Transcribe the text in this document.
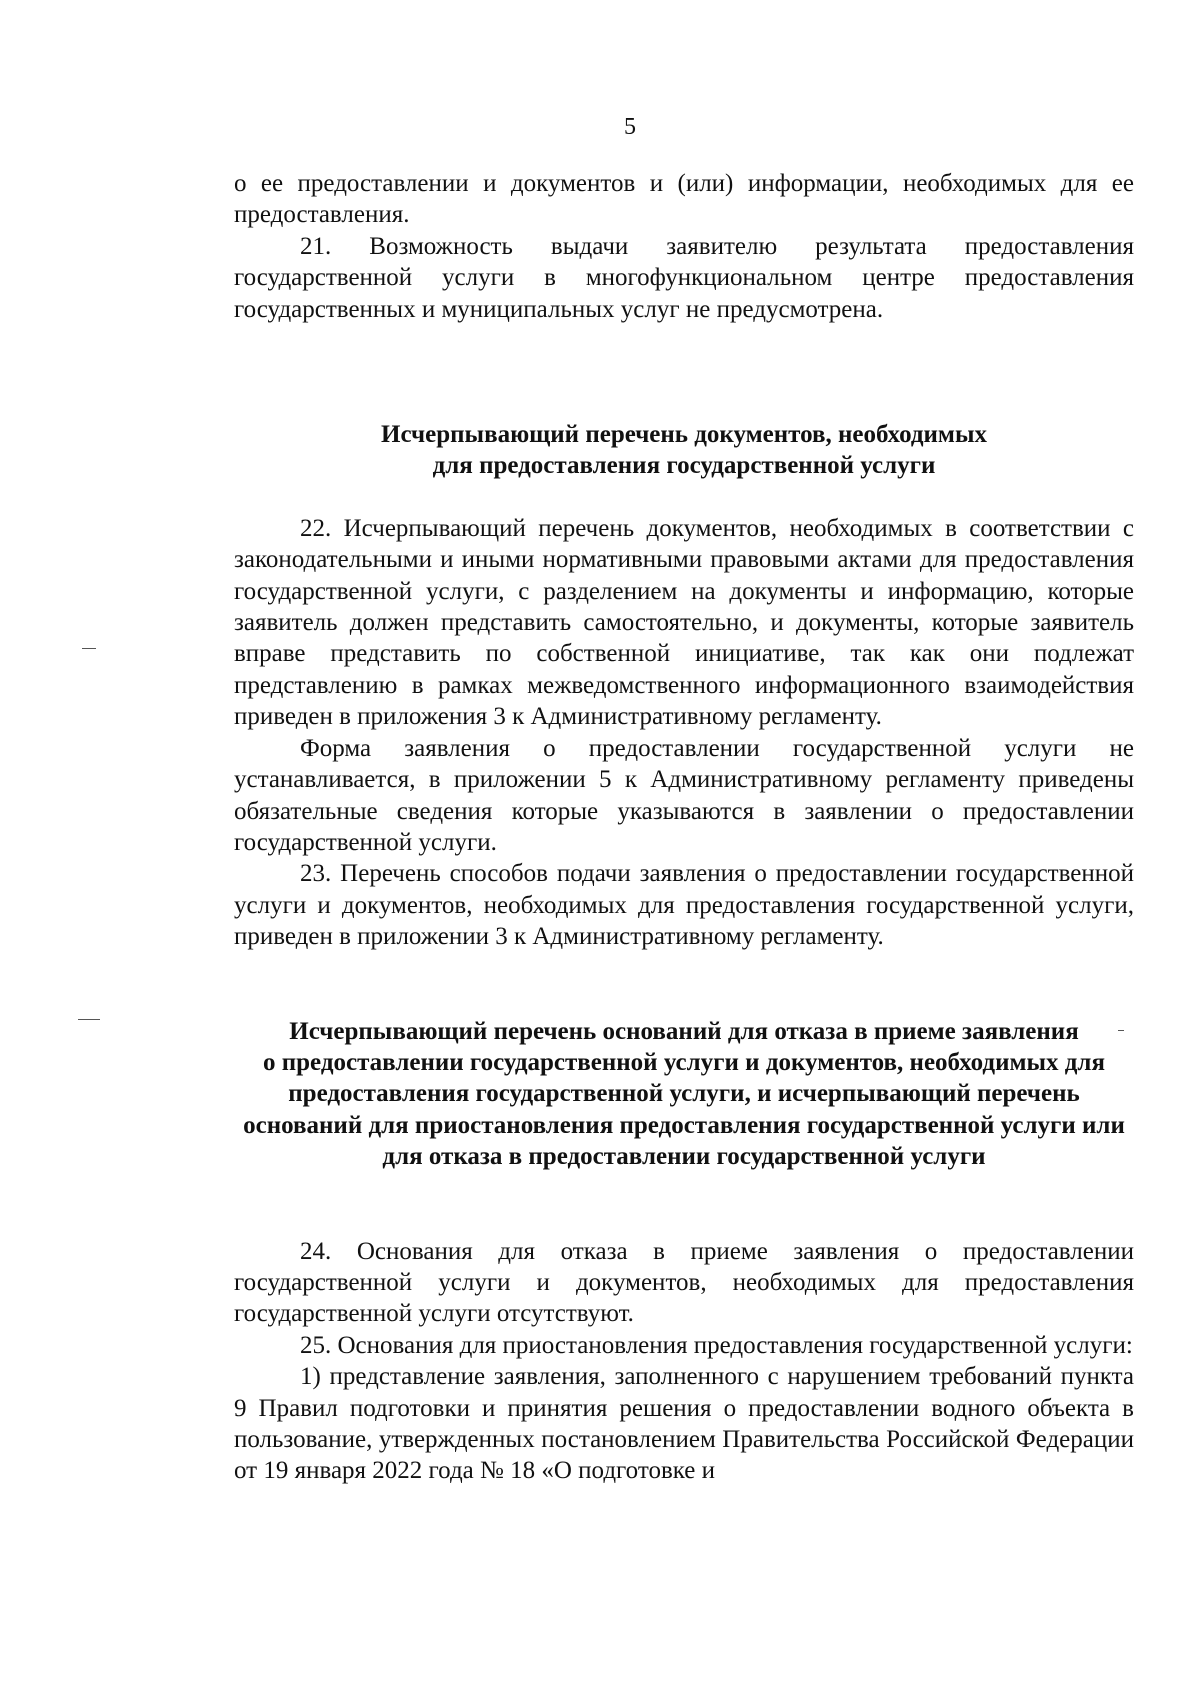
5

о ее предоставлении и документов и (или) информации, необходимых для ее предоставления.

21. Возможность выдачи заявителю результата предоставления государственной услуги в многофункциональном центре предоставления государственных и муниципальных услуг не предусмотрена.

Исчерпывающий перечень документов, необходимых
для предоставления государственной услуги

22. Исчерпывающий перечень документов, необходимых в соответствии с законодательными и иными нормативными правовыми актами для предоставления государственной услуги, с разделением на документы и информацию, которые заявитель должен представить самостоятельно, и документы, которые заявитель вправе представить по собственной инициативе, так как они подлежат представлению в рамках межведомственного информационного взаимодействия приведен в приложения 3 к Административному регламенту.

Форма заявления о предоставлении государственной услуги не устанавливается, в приложении 5 к Административному регламенту приведены обязательные сведения которые указываются в заявлении о предоставлении государственной услуги.

23. Перечень способов подачи заявления о предоставлении государственной услуги и документов, необходимых для предоставления государственной услуги, приведен в приложении 3 к Административному регламенту.

Исчерпывающий перечень оснований для отказа в приеме заявления
о предоставлении государственной услуги и документов, необходимых для
предоставления государственной услуги, и исчерпывающий перечень
оснований для приостановления предоставления государственной услуги или
для отказа в предоставлении государственной услуги

24. Основания для отказа в приеме заявления о предоставлении государственной услуги и документов, необходимых для предоставления государственной услуги отсутствуют.

25. Основания для приостановления предоставления государственной услуги:

1) представление заявления, заполненного с нарушением требований пункта 9 Правил подготовки и принятия решения о предоставлении водного объекта в пользование, утвержденных постановлением Правительства Российской Федерации от 19 января 2022 года № 18 «О подготовке и
